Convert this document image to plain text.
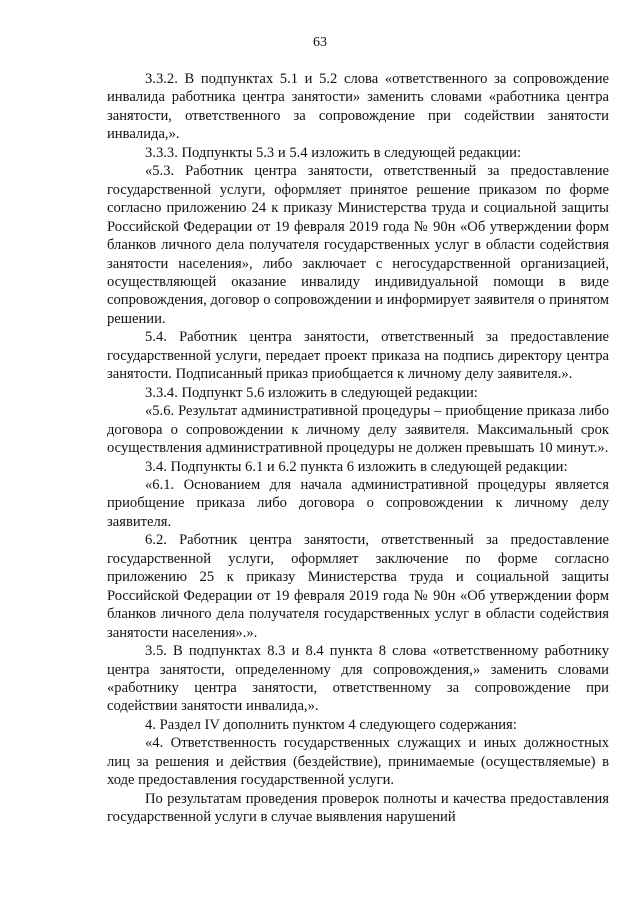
63

3.3.2. В подпунктах 5.1 и 5.2 слова «ответственного за сопровождение инвалида работника центра занятости» заменить словами «работника центра занятости, ответственного за сопровождение при содействии занятости инвалида,».

3.3.3. Подпункты 5.3 и 5.4 изложить в следующей редакции:

«5.3. Работник центра занятости, ответственный за предоставление государственной услуги, оформляет принятое решение приказом по форме согласно приложению 24 к приказу Министерства труда и социальной защиты Российской Федерации от 19 февраля 2019 года № 90н «Об утверждении форм бланков личного дела получателя государственных услуг в области содействия занятости населения», либо заключает с негосударственной организацией, осуществляющей оказание инвалиду индивидуальной помощи в виде сопровождения, договор о сопровождении и информирует заявителя о принятом решении.

5.4. Работник центра занятости, ответственный за предоставление государственной услуги, передает проект приказа на подпись директору центра занятости. Подписанный приказ приобщается к личному делу заявителя.».

3.3.4. Подпункт 5.6 изложить в следующей редакции:

«5.6. Результат административной процедуры – приобщение приказа либо договора о сопровождении к личному делу заявителя. Максимальный срок осуществления административной процедуры не должен превышать 10 минут.».

3.4. Подпункты 6.1 и 6.2 пункта 6 изложить в следующей редакции:

«6.1. Основанием для начала административной процедуры является приобщение приказа либо договора о сопровождении к личному делу заявителя.

6.2. Работник центра занятости, ответственный за предоставление государственной услуги, оформляет заключение по форме согласно приложению 25 к приказу Министерства труда и социальной защиты Российской Федерации от 19 февраля 2019 года № 90н «Об утверждении форм бланков личного дела получателя государственных услуг в области содействия занятости населения».».

3.5. В подпунктах 8.3 и 8.4 пункта 8 слова «ответственному работнику центра занятости, определенному для сопровождения,» заменить словами «работнику центра занятости, ответственному за сопровождение при содействии занятости инвалида,».

4. Раздел IV дополнить пунктом 4 следующего содержания:

«4. Ответственность государственных служащих и иных должностных лиц за решения и действия (бездействие), принимаемые (осуществляемые) в ходе предоставления государственной услуги.

По результатам проведения проверок полноты и качества предоставления государственной услуги в случае выявления нарушений
